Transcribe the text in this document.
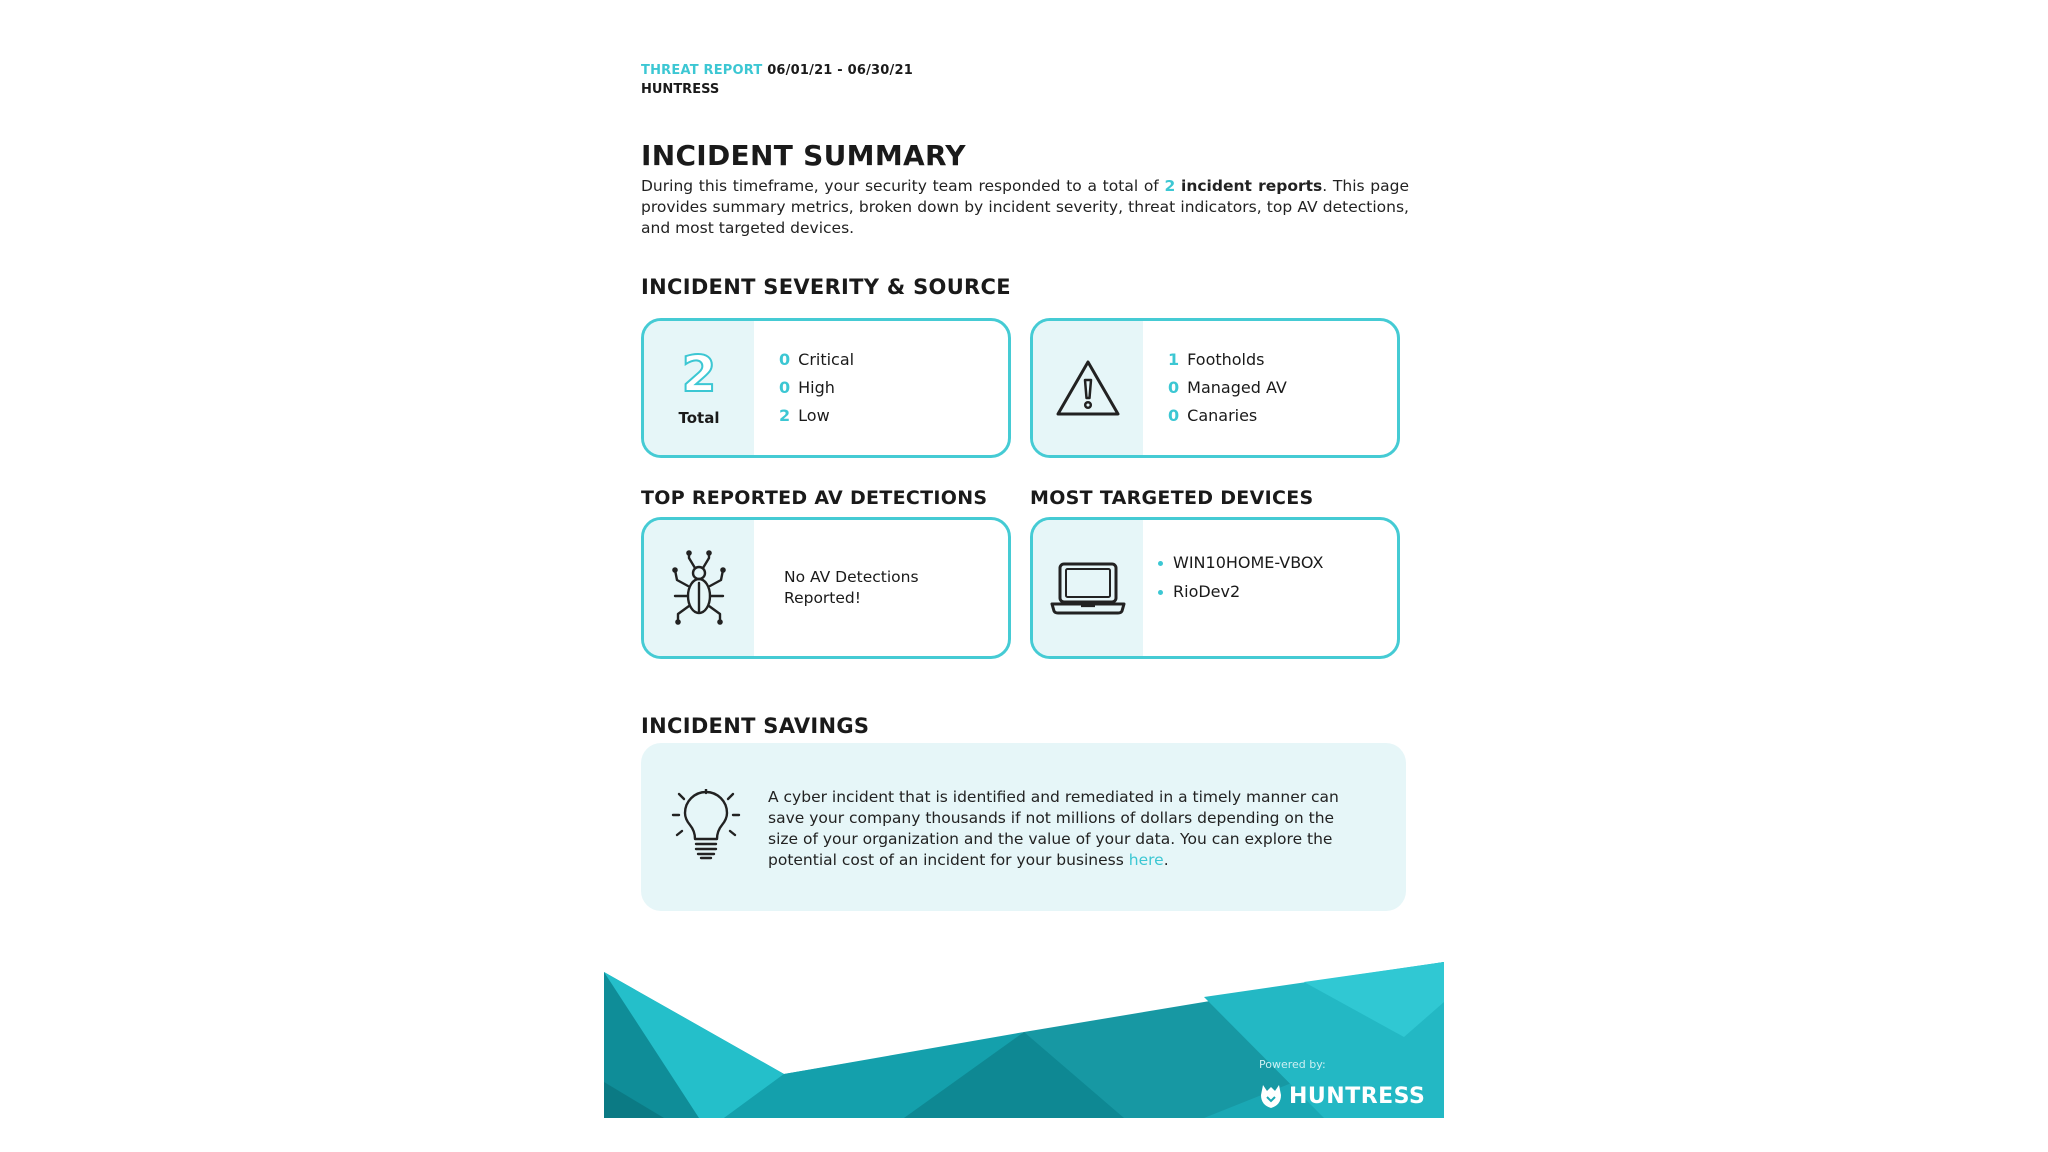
THREAT REPORT 06/01/21 - 06/30/21
HUNTRESS
INCIDENT SUMMARY
During this timeframe, your security team responded to a total of 2 incident reports. This page provides summary metrics, broken down by incident severity, threat indicators, top AV detections, and most targeted devices.
INCIDENT SEVERITY & SOURCE
2
Total
0 Critical
0 High
2 Low
1 Footholds
0 Managed AV
0 Canaries
TOP REPORTED AV DETECTIONS MOST TARGETED DEVICES
No AV Detections Reported!
WIN10HOME-VBOX
RioDev2
INCIDENT SAVINGS
A cyber incident that is identified and remediated in a timely manner can save your company thousands if not millions of dollars depending on the size of your organization and the value of your data. You can explore the potential cost of an incident for your business here.
Powered by:
HUNTRESS
